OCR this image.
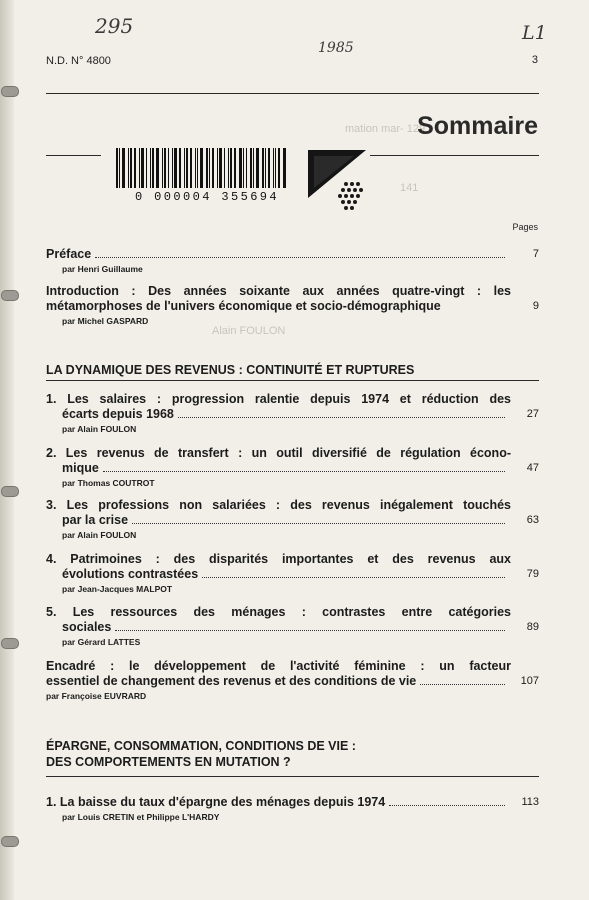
295
1985
L1
mation mar- 129
141
Alain FOULON
N.D. N° 4800	3
Sommaire
0 000004 355694
Pages
Préface	7
par Henri Guillaume
Introduction : Des années soixante aux années quatre-vingt : les
métamorphoses de l'univers économique et socio-démographique	9
par Michel GASPARD
LA DYNAMIQUE DES REVENUS : CONTINUITÉ ET RUPTURES
1. Les salaires : progression ralentie depuis 1974 et réduction des
écarts depuis 1968	27
par Alain FOULON
2. Les revenus de transfert : un outil diversifié de régulation écono-
mique	47
par Thomas COUTROT
3. Les professions non salariées : des revenus inégalement touchés
par la crise	63
par Alain FOULON
4. Patrimoines : des disparités importantes et des revenus aux
évolutions contrastées	79
par Jean-Jacques MALPOT
5. Les ressources des ménages : contrastes entre catégories
sociales	89
par Gérard LATTES
Encadré : le développement de l'activité féminine : un facteur
essentiel de changement des revenus et des conditions de vie	107
par Françoise EUVRARD
ÉPARGNE, CONSOMMATION, CONDITIONS DE VIE :
DES COMPORTEMENTS EN MUTATION ?
1. La baisse du taux d'épargne des ménages depuis 1974	113
par Louis CRETIN et Philippe L'HARDY
